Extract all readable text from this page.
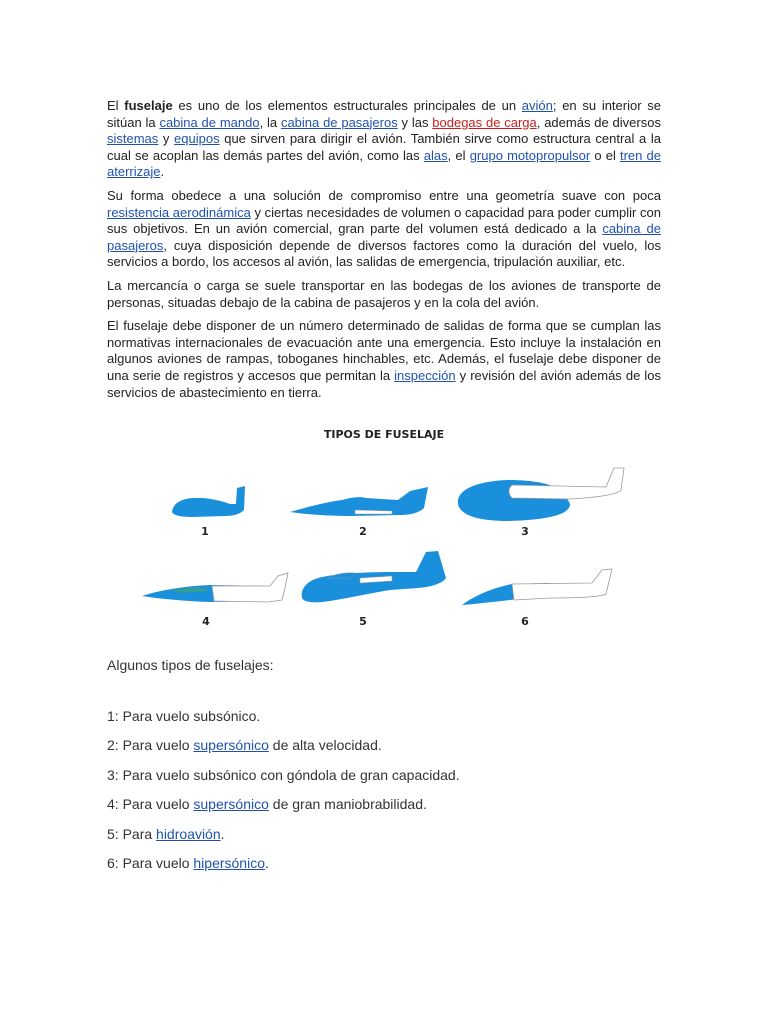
El fuselaje es uno de los elementos estructurales principales de un avión; en su interior se sitúan la cabina de mando, la cabina de pasajeros y las bodegas de carga, además de diversos sistemas y equipos que sirven para dirigir el avión. También sirve como estructura central a la cual se acoplan las demás partes del avión, como las alas, el grupo motopropulsor o el tren de aterrizaje.

Su forma obedece a una solución de compromiso entre una geometría suave con poca resistencia aerodinámica y ciertas necesidades de volumen o capacidad para poder cumplir con sus objetivos. En un avión comercial, gran parte del volumen está dedicado a la cabina de pasajeros, cuya disposición depende de diversos factores como la duración del vuelo, los servicios a bordo, los accesos al avión, las salidas de emergencia, tripulación auxiliar, etc.

La mercancía o carga se suele transportar en las bodegas de los aviones de transporte de personas, situadas debajo de la cabina de pasajeros y en la cola del avión.

El fuselaje debe disponer de un número determinado de salidas de forma que se cumplan las normativas internacionales de evacuación ante una emergencia. Esto incluye la instalación en algunos aviones de rampas, toboganes hinchables, etc. Además, el fuselaje debe disponer de una serie de registros y accesos que permitan la inspección y revisión del avión además de los servicios de abastecimiento en tierra.

TIPOS DE FUSELAJE
1	2	3
4	5	6
Algunos tipos de fuselajes:
1: Para vuelo subsónico.
2: Para vuelo supersónico de alta velocidad.
3: Para vuelo subsónico con góndola de gran capacidad.
4: Para vuelo supersónico de gran maniobrabilidad.
5: Para hidroavión.
6: Para vuelo hipersónico.
